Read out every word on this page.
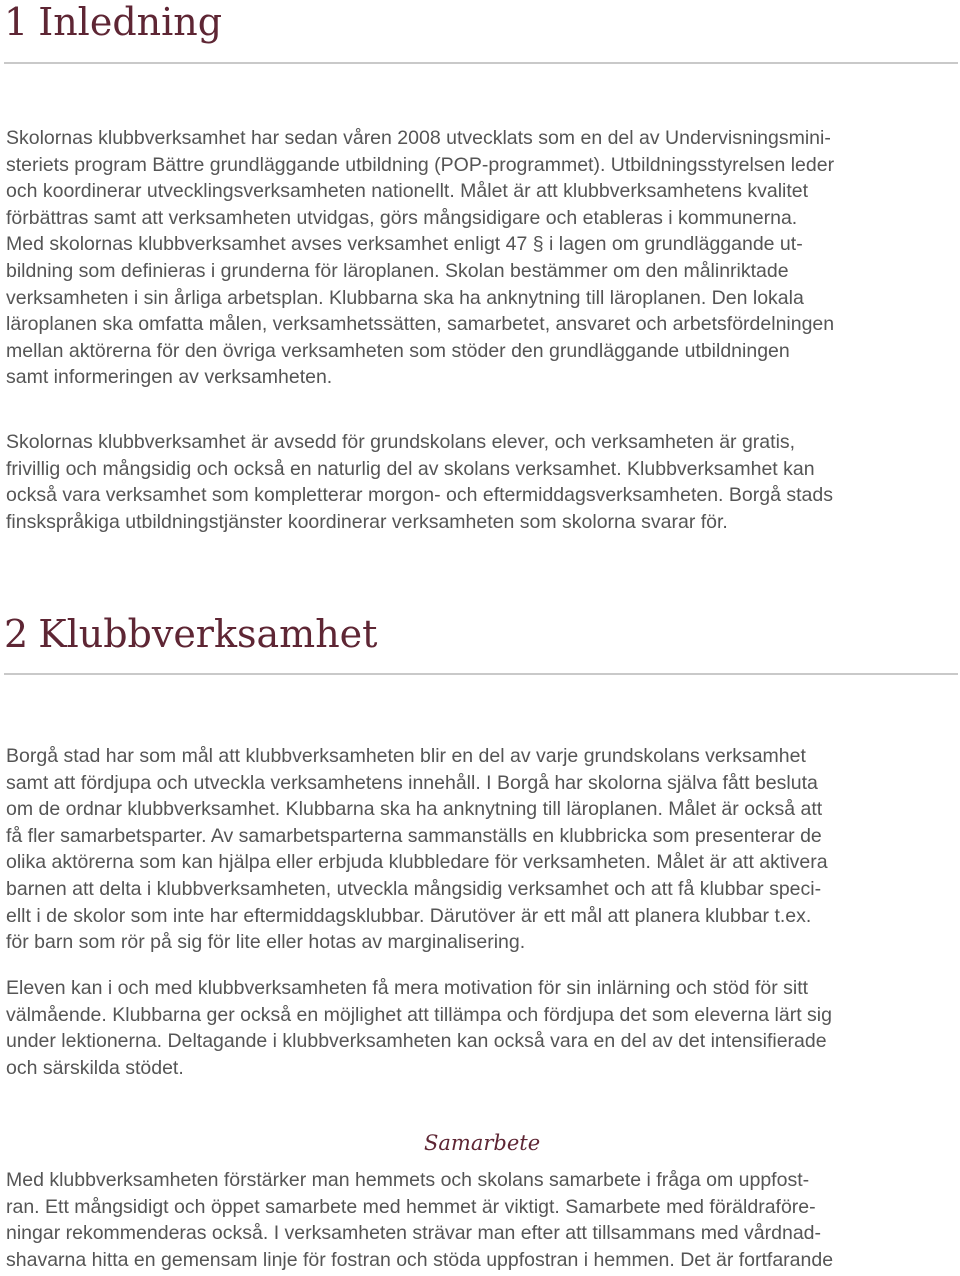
1 Inledning
Skolornas klubbverksamhet har sedan våren 2008 utvecklats som en del av Undervisningsmini-
steriets program Bättre grundläggande utbildning (POP-programmet). Utbildningsstyrelsen leder
och koordinerar utvecklingsverksamheten nationellt. Målet är att klubbverksamhetens kvalitet
förbättras samt att verksamheten utvidgas, görs mångsidigare och etableras i kommunerna.
Med skolornas klubbverksamhet avses verksamhet enligt 47 § i lagen om grundläggande ut-
bildning som definieras i grunderna för läroplanen. Skolan bestämmer om den målinriktade
verksamheten i sin årliga arbetsplan. Klubbarna ska ha anknytning till läroplanen. Den lokala
läroplanen ska omfatta målen, verksamhetssätten, samarbetet, ansvaret och arbetsfördelningen
mellan aktörerna för den övriga verksamheten som stöder den grundläggande utbildningen
samt informeringen av verksamheten.
Skolornas klubbverksamhet är avsedd för grundskolans elever, och verksamheten är gratis,
frivillig och mångsidig och också en naturlig del av skolans verksamhet. Klubbverksamhet kan
också vara verksamhet som kompletterar morgon- och eftermiddagsverksamheten. Borgå stads
finskspråkiga utbildningstjänster koordinerar verksamheten som skolorna svarar för.
2 Klubbverksamhet
Borgå stad har som mål att klubbverksamheten blir en del av varje grundskolans verksamhet
samt att fördjupa och utveckla verksamhetens innehåll. I Borgå har skolorna själva fått besluta
om de ordnar klubbverksamhet. Klubbarna ska ha anknytning till läroplanen. Målet är också att
få fler samarbetsparter. Av samarbetsparterna sammanställs en klubbricka som presenterar de
olika aktörerna som kan hjälpa eller erbjuda klubbledare för verksamheten. Målet är att aktivera
barnen att delta i klubbverksamheten, utveckla mångsidig verksamhet och att få klubbar speci-
ellt i de skolor som inte har eftermiddagsklubbar. Därutöver är ett mål att planera klubbar t.ex.
för barn som rör på sig för lite eller hotas av marginalisering.
Eleven kan i och med klubbverksamheten få mera motivation för sin inlärning och stöd för sitt
välmående. Klubbarna ger också en möjlighet att tillämpa och fördjupa det som eleverna lärt sig
under lektionerna. Deltagande i klubbverksamheten kan också vara en del av det intensifierade
och särskilda stödet.
Samarbete
Med klubbverksamheten förstärker man hemmets och skolans samarbete i fråga om uppfost-
ran. Ett mångsidigt och öppet samarbete med hemmet är viktigt. Samarbete med föräldraföre-
ningar rekommenderas också. I verksamheten strävar man efter att tillsammans med vårdnad-
shavarna hitta en gemensam linje för fostran och stöda uppfostran i hemmen. Det är fortfarande
